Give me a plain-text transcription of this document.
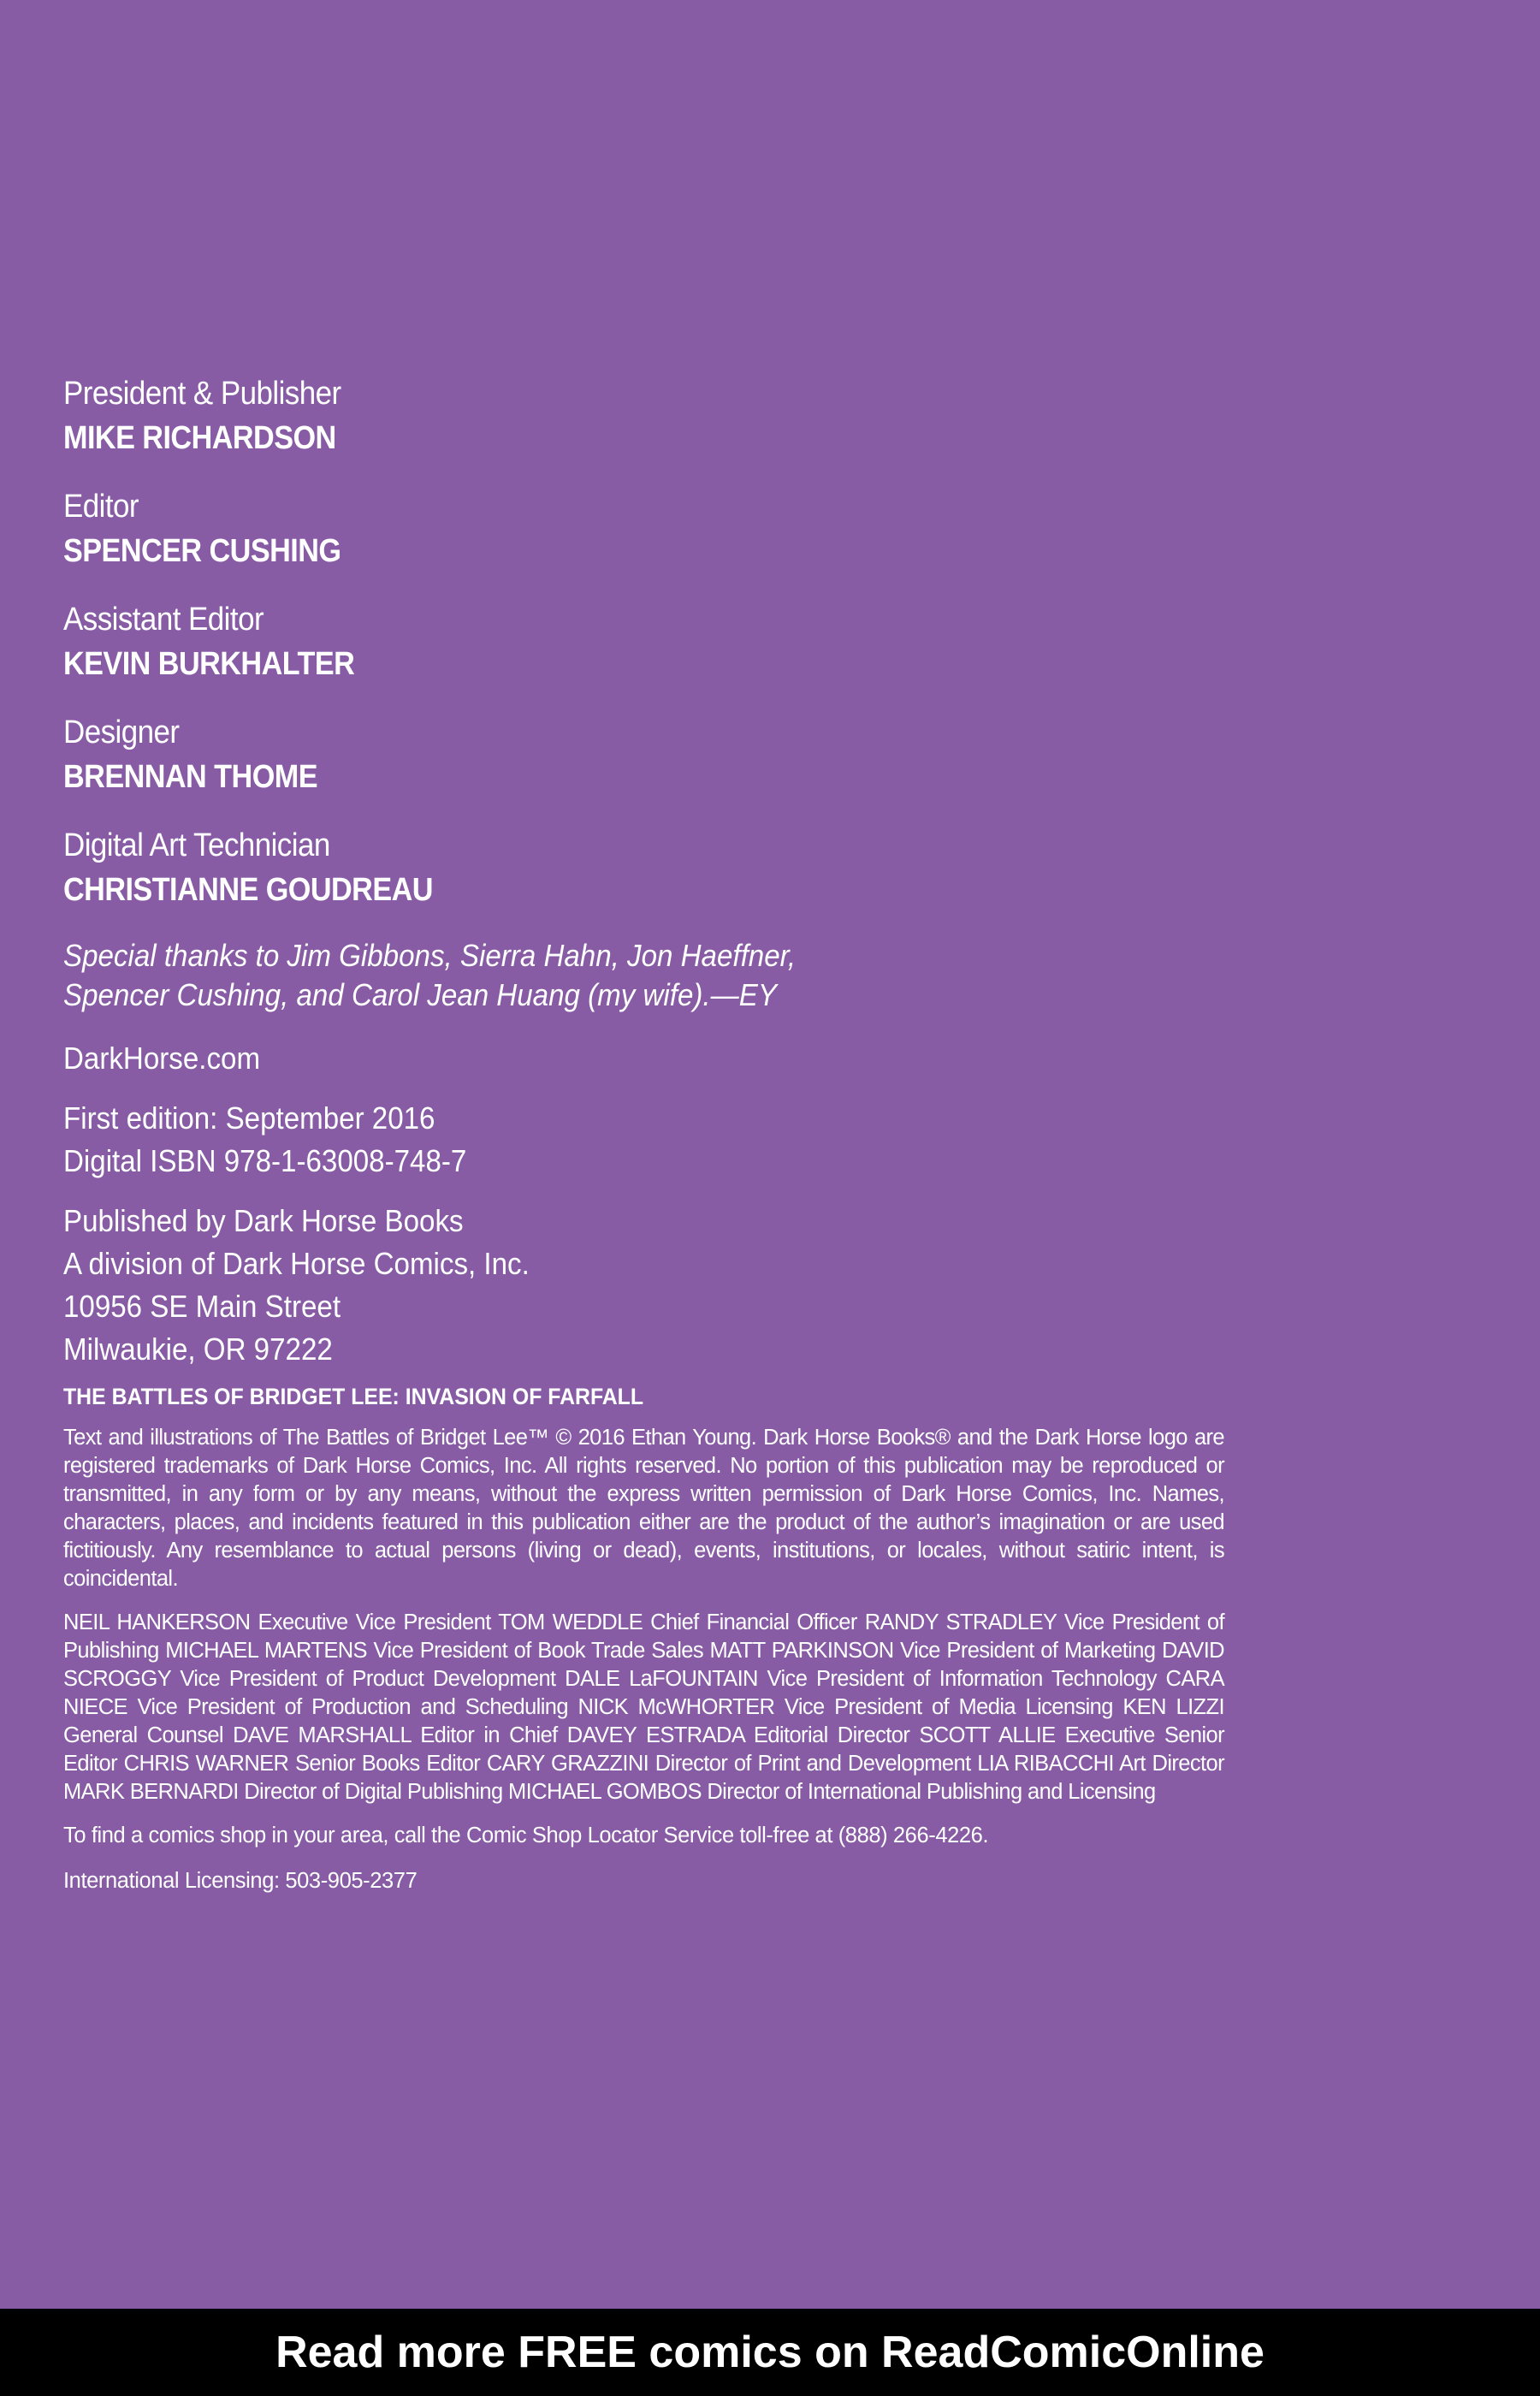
President & Publisher
MIKE RICHARDSON
Editor
SPENCER CUSHING
Assistant Editor
KEVIN BURKHALTER
Designer
BRENNAN THOME
Digital Art Technician
CHRISTIANNE GOUDREAU
Special thanks to Jim Gibbons, Sierra Hahn, Jon Haeffner,
Spencer Cushing, and Carol Jean Huang (my wife).—EY
DarkHorse.com
First edition: September 2016
Digital ISBN 978-1-63008-748-7
Published by Dark Horse Books
A division of Dark Horse Comics, Inc.
10956 SE Main Street
Milwaukie, OR 97222
THE BATTLES OF BRIDGET LEE: INVASION OF FARFALL
Text and illustrations of The Battles of Bridget Lee™ © 2016 Ethan Young. Dark Horse Books® and the Dark Horse logo are registered trademarks of Dark Horse Comics, Inc. All rights reserved. No portion of this publication may be reproduced or transmitted, in any form or by any means, without the express written permission of Dark Horse Comics, Inc. Names, characters, places, and incidents featured in this publication either are the product of the author’s imagination or are used fictitiously. Any resemblance to actual persons (living or dead), events, institutions, or locales, without satiric intent, is coincidental.
NEIL HANKERSON Executive Vice President TOM WEDDLE Chief Financial Officer RANDY STRADLEY Vice President of Publishing MICHAEL MARTENS Vice President of Book Trade Sales MATT PARKINSON Vice President of Marketing DAVID SCROGGY Vice President of Product Development DALE LaFOUNTAIN Vice President of Information Technology CARA NIECE Vice President of Production and Scheduling NICK McWHORTER Vice President of Media Licensing KEN LIZZI General Counsel DAVE MARSHALL Editor in Chief DAVEY ESTRADA Editorial Director SCOTT ALLIE Executive Senior Editor CHRIS WARNER Senior Books Editor CARY GRAZZINI Director of Print and Development LIA RIBACCHI Art Director MARK BERNARDI Director of Digital Publishing MICHAEL GOMBOS Director of International Publishing and Licensing
To find a comics shop in your area, call the Comic Shop Locator Service toll-free at (888) 266-4226.
International Licensing: 503-905-2377
Read more FREE comics on ReadComicOnline
